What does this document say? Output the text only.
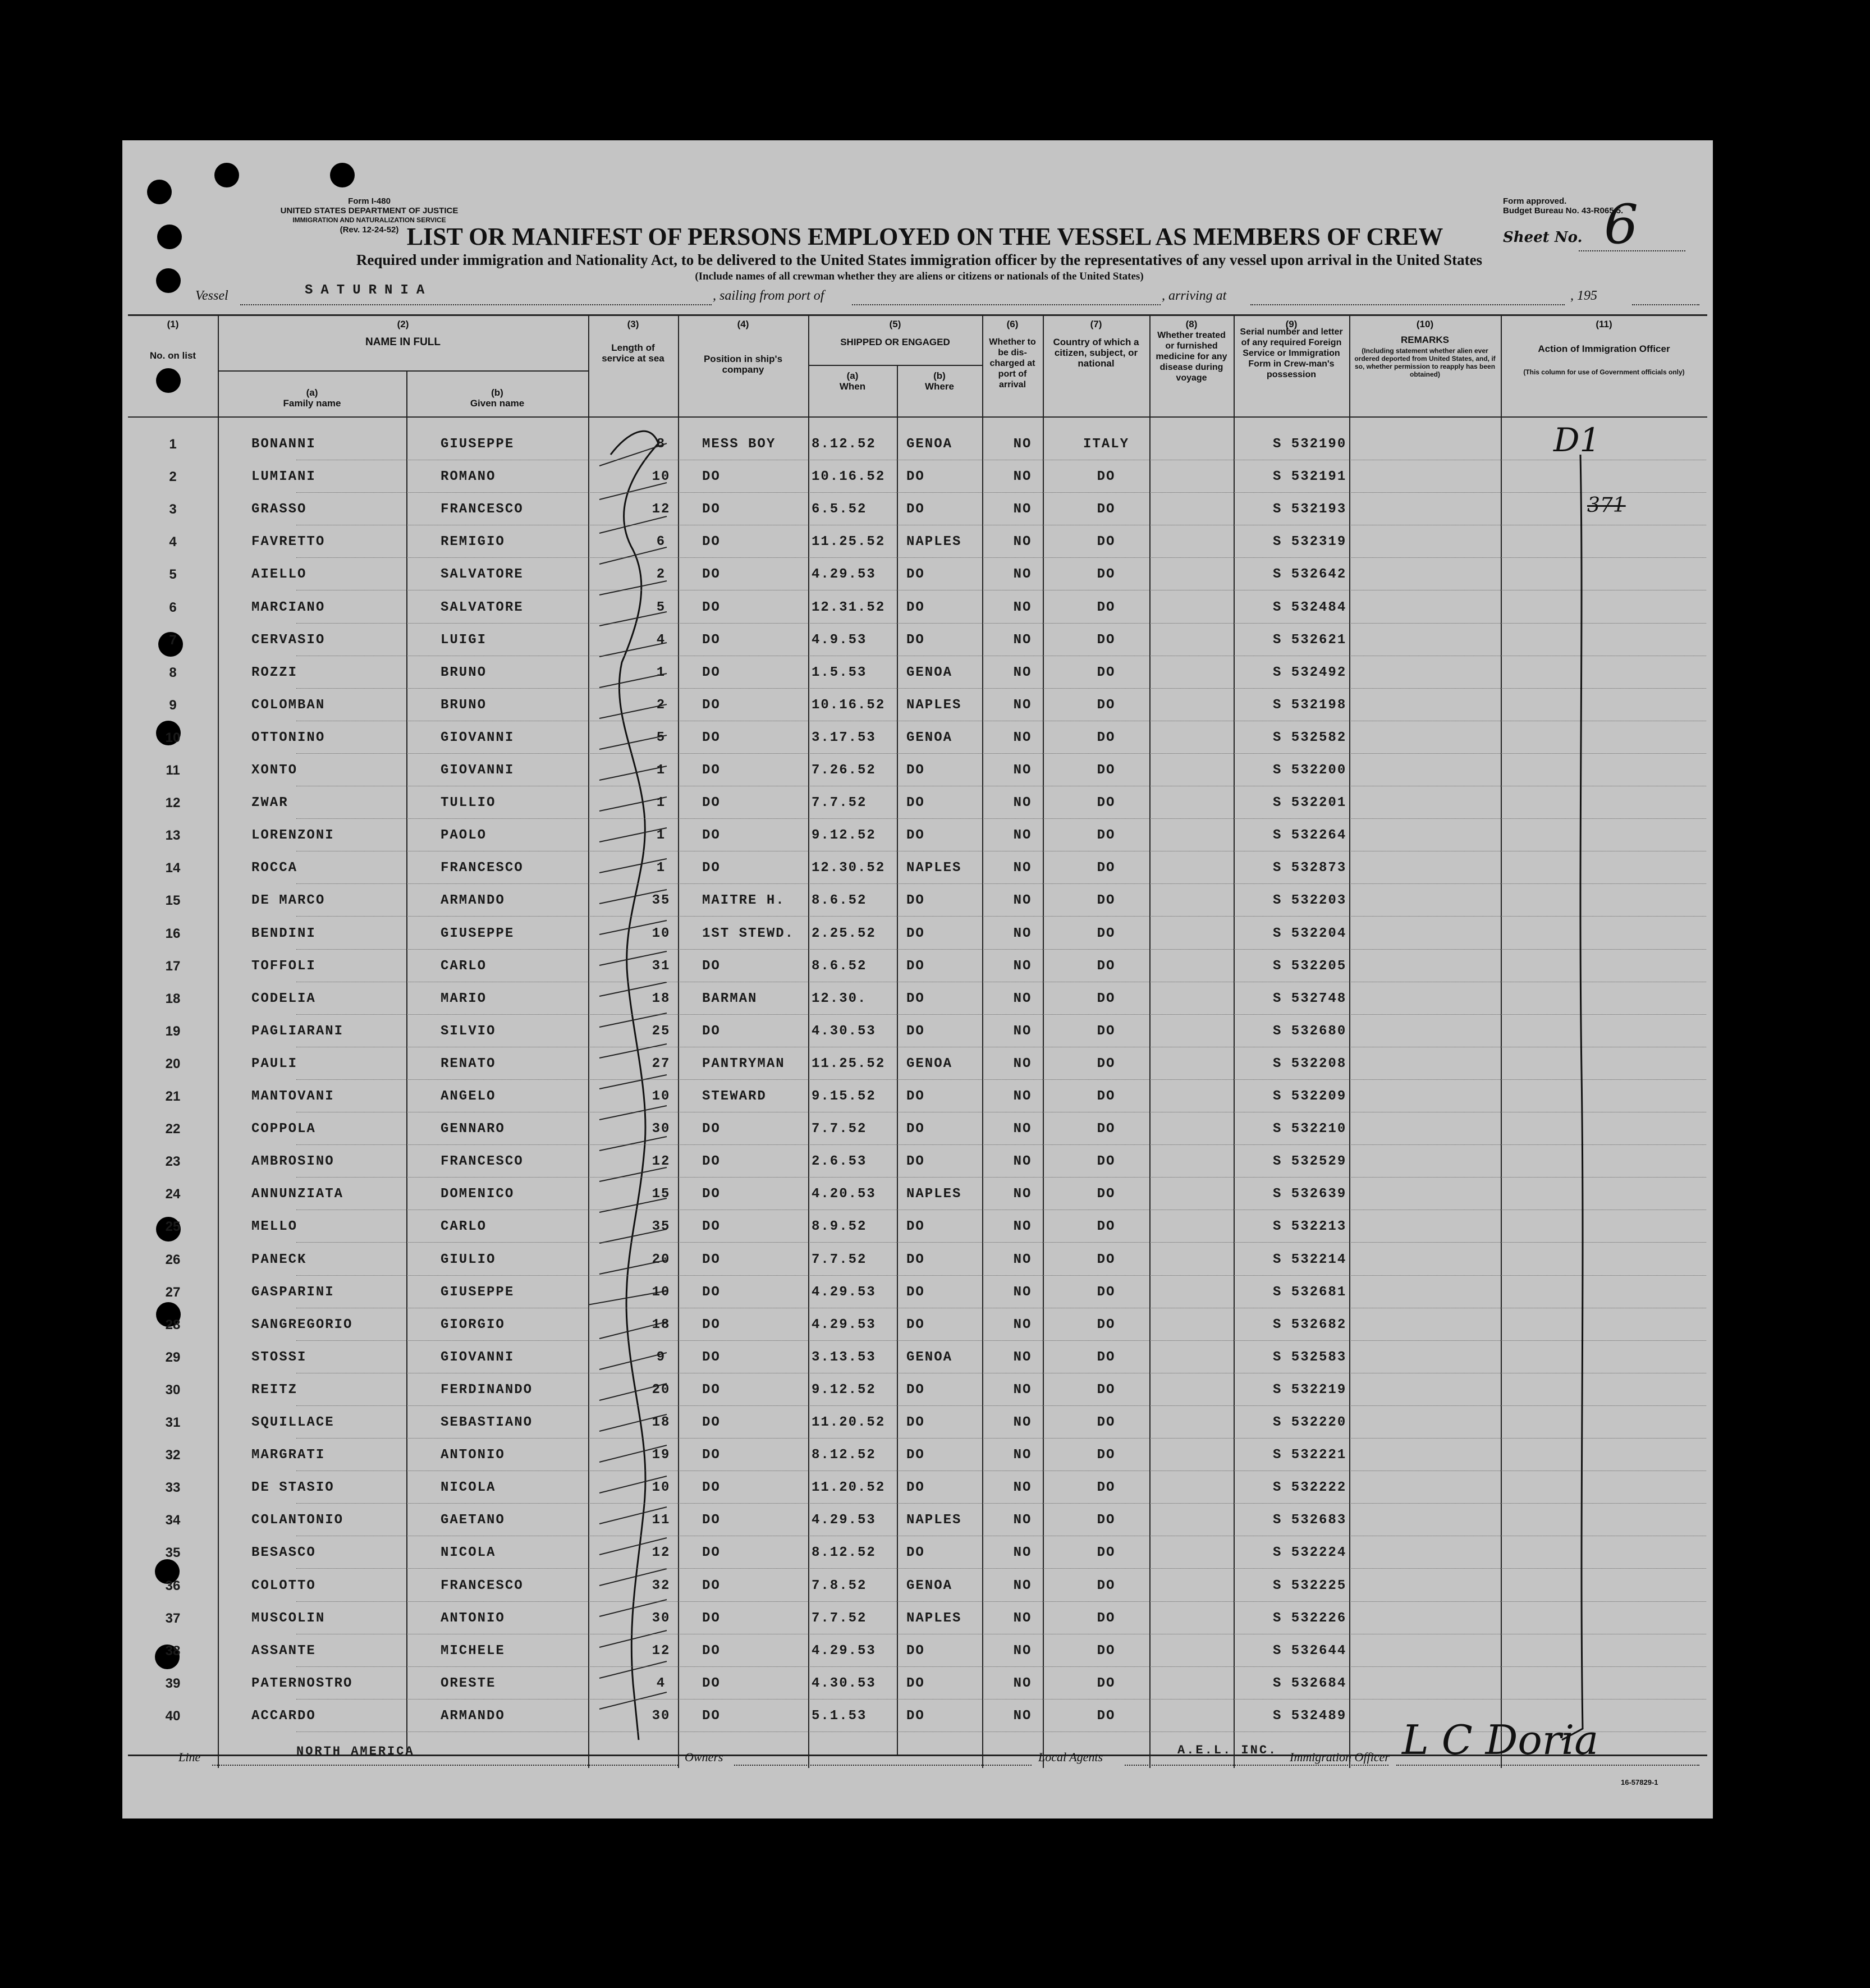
Form I-480
UNITED STATES DEPARTMENT OF JUSTICE
IMMIGRATION AND NATURALIZATION SERVICE
(Rev. 12-24-52)
Form approved.
Budget Bureau No. 43-R065.5.
LIST OR MANIFEST OF PERSONS EMPLOYED ON THE VESSEL AS MEMBERS OF CREW	Sheet No. 6
Required under immigration and Nationality Act, to be delivered to the United States immigration officer by the representatives of any vessel upon arrival in the United States
(Include names of all crewman whether they are aliens or citizens or nationals of the United States)
Vessel	SATURNIA	, sailing from port of	, arriving at	, 195
(1)	(2)	(3)	(4)	(5)	(6)	(7)	(8)	(9)	(10)	(11)
No. on list
NAME IN FULL
(a)
Family name
(b)
Given name
Length of service at sea	Position in ship's company
SHIPPED OR ENGAGED
(a)
When
(b)
Where
Whether to be dis-charged at port of arrival
Country of which a citizen, subject, or national
Whether treated or furnished medicine for any disease during voyage
Serial number and letter of any required Foreign Service or Immigration Form in Crew-man's possession
REMARKS
(Including statement whether alien ever ordered deported from United States, and, if so, whether permission to reapply has been obtained)
Action of Immigration Officer
(This column for use of Government officials only)
1	BONANNI	GIUSEPPE	8	MESS BOY	8.12.52 GENOA	NO	ITALY	S 532190
2	LUMIANI	ROMANO	10	DO	10.16.52 DO	NO	DO	S 532191
3	GRASSO	FRANCESCO	12	DO	6.5.52	DO	NO	DO	S 532193
4	FAVRETTO	REMIGIO	6	DO	11.25.52 NAPLES	NO	DO	S 532319
5	AIELLO	SALVATORE	2	DO	4.29.53 DO	NO	DO	S 532642
6	MARCIANO	SALVATORE	5	DO	12.31.52 DO	NO	DO	S 532484
7	CERVASIO	LUIGI	4	DO	4.9.53	DO	NO	DO	S 532621
8	ROZZI	BRUNO	1	DO	1.5.53	GENOA	NO	DO	S 532492
9	COLOMBAN	BRUNO	2	DO	10.16.52 NAPLES	NO	DO	S 532198
10	OTTONINO	GIOVANNI	5	DO	3.17.53 GENOA	NO	DO	S 532582
11	XONTO	GIOVANNI	1	DO	7.26.52 DO	NO	DO	S 532200
12	ZWAR	TULLIO	1	DO	7.7.52	DO	NO	DO	S 532201
13	LORENZONI	PAOLO	1	DO	9.12.52 DO	NO	DO	S 532264
14	ROCCA	FRANCESCO	1	DO	12.30.52 NAPLES	NO	DO	S 532873
15	DE MARCO	ARMANDO	35	MAITRE H. 8.6.52	DO	NO	DO	S 532203
16	BENDINI	GIUSEPPE	10	1ST STEWD. 2.25.52 DO	NO	DO	S 532204
17	TOFFOLI	CARLO	31	DO	8.6.52	DO	NO	DO	S 532205
18	CODELIA	MARIO	18	BARMAN	12.30.	DO	NO	DO	S 532748
19	PAGLIARANI	SILVIO	25	DO	4.30.53 DO	NO	DO	S 532680
20	PAULI	RENATO	27	PANTRYMAN 11.25.52 GENOA	NO	DO	S 532208
21	MANTOVANI	ANGELO	10	STEWARD	9.15.52 DO	NO	DO	S 532209
22	COPPOLA	GENNARO	30	DO	7.7.52	DO	NO	DO	S 532210
23	AMBROSINO	FRANCESCO	12	DO	2.6.53	DO	NO	DO	S 532529
24	ANNUNZIATA	DOMENICO	15	DO	4.20.53 NAPLES	NO	DO	S 532639
25	MELLO	CARLO	35	DO	8.9.52	DO	NO	DO	S 532213
26	PANECK	GIULIO	20	DO	7.7.52	DO	NO	DO	S 532214
27	GASPARINI	GIUSEPPE	10	DO	4.29.53 DO	NO	DO	S 532681
28	SANGREGORIO	GIORGIO	18	DO	4.29.53 DO	NO	DO	S 532682
29	STOSSI	GIOVANNI	9	DO	3.13.53 GENOA	NO	DO	S 532583
30	REITZ	FERDINANDO	20	DO	9.12.52 DO	NO	DO	S 532219
31	SQUILLACE	SEBASTIANO	18	DO	11.20.52 DO	NO	DO	S 532220
32	MARGRATI	ANTONIO	19	DO	8.12.52 DO	NO	DO	S 532221
33	DE STASIO	NICOLA	10	DO	11.20.52 DO	NO	DO	S 532222
34	COLANTONIO	GAETANO	11	DO	4.29.53 NAPLES	NO	DO	S 532683
35	BESASCO	NICOLA	12	DO	8.12.52 DO	NO	DO	S 532224
36	COLOTTO	FRANCESCO	32	DO	7.8.52	GENOA	NO	DO	S 532225
37	MUSCOLIN	ANTONIO	30	DO	7.7.52	NAPLES	NO	DO	S 532226
38	ASSANTE	MICHELE	12	DO	4.29.53 DO	NO	DO	S 532644
39	PATERNOSTRO	ORESTE	4	DO	4.30.53 DO	NO	DO	S 532684
40	ACCARDO	ARMANDO	30	DO	5.1.53	DO	NO	DO	S 532489
D1
371
Line	NORTH AMERICA	Owners	Local Agents	A.E.L. INC. Immigration Officer L C Doria
16-57829-1
